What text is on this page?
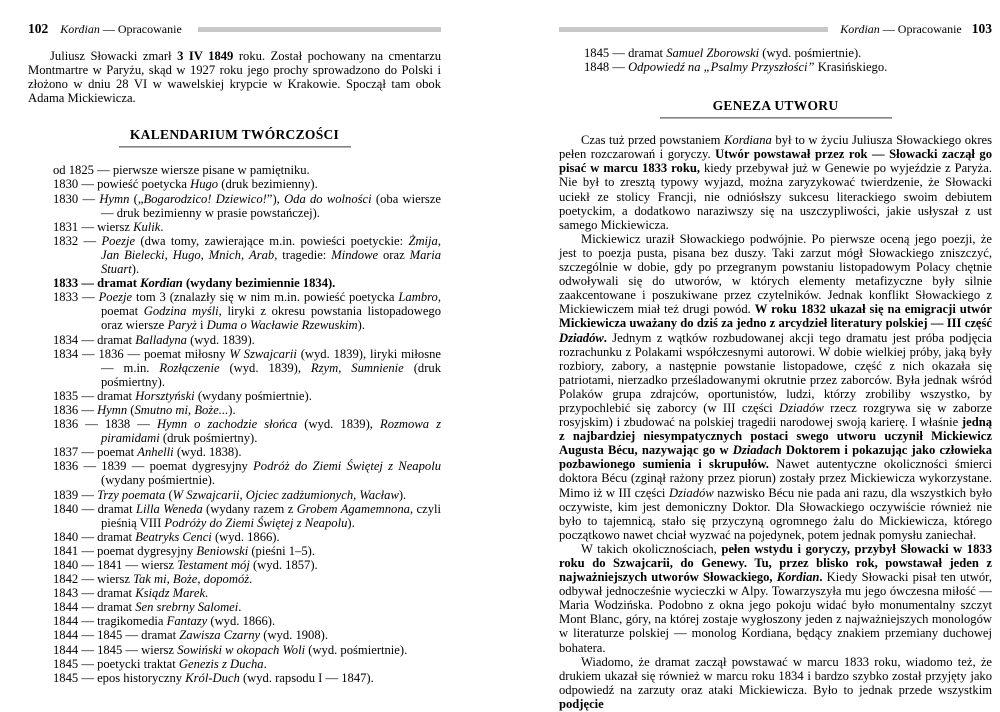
102 Kordian — Opracowanie
Juliusz Słowacki zmarł 3 IV 1849 roku. Został pochowany na cmentarzu Montmartre w Paryżu, skąd w 1927 roku jego prochy sprowadzono do Polski i złożono w dniu 28 VI w wawelskiej krypcie w Krakowie. Spoczął tam obok Adama Mickiewicza.
KALENDARIUM TWÓRCZOŚCI
od 1825 — pierwsze wiersze pisane w pamiętniku.
1830 — powieść poetycka Hugo (druk bezimienny).
1830 — Hymn („Bogarodzico! Dziewico!”), Oda do wolności (oba wiersze — druk bezimienny w prasie powstańczej).
1831 — wiersz Kulik.
1832 — Poezje (dwa tomy, zawierające m.in. powieści poetyckie: Żmija, Jan Bielecki, Hugo, Mnich, Arab, tragedie: Mindowe oraz Maria Stuart).
1833 — dramat Kordian (wydany bezimiennie 1834).
1833 — Poezje tom 3 (znalazły się w nim m.in. powieść poetycka Lambro, poemat Godzina myśli, liryki z okresu powstania listopadowego oraz wiersze Paryż i Duma o Wacławie Rzewuskim).
1834 — dramat Balladyna (wyd. 1839).
1834 — 1836 — poemat miłosny W Szwajcarii (wyd. 1839), liryki miłosne — m.in. Rozłączenie (wyd. 1839), Rzym, Sumnienie (druk pośmiertny).
1835 — dramat Horsztyński (wydany pośmiertnie).
1836 — Hymn (Smutno mi, Boże...).
1836 — 1838 — Hymn o zachodzie słońca (wyd. 1839), Rozmowa z piramidami (druk pośmiertny).
1837 — poemat Anhelli (wyd. 1838).
1836 — 1839 — poemat dygresyjny Podróż do Ziemi Świętej z Neapolu (wydany pośmiertnie).
1839 — Trzy poemata (W Szwajcarii, Ojciec zadżumionych, Wacław).
1840 — dramat Lilla Weneda (wydany razem z Grobem Agamemnona, czyli pieśnią VIII Podróży do Ziemi Świętej z Neapolu).
1840 — dramat Beatryks Cenci (wyd. 1866).
1841 — poemat dygresyjny Beniowski (pieśni 1–5).
1840 — 1841 — wiersz Testament mój (wyd. 1857).
1842 — wiersz Tak mi, Boże, dopomóż.
1843 — dramat Ksiądz Marek.
1844 — dramat Sen srebrny Salomei.
1844 — tragikomedia Fantazy (wyd. 1866).
1844 — 1845 — dramat Zawisza Czarny (wyd. 1908).
1844 — 1845 — wiersz Sowiński w okopach Woli (wyd. pośmiertnie).
1845 — poetycki traktat Genezis z Ducha.
1845 — epos historyczny Król-Duch (wyd. rapsodu I — 1847).
Kordian — Opracowanie 103
1845 — dramat Samuel Zborowski (wyd. pośmiertnie).
1848 — Odpowiedź na „Psalmy Przyszłości” Krasińskiego.
GENEZA UTWORU

Czas tuż przed powstaniem Kordiana był to w życiu Juliusza Słowackiego okres pełen rozczarowań i goryczy. Utwór powstawał przez rok — Słowacki zaczął go pisać w marcu 1833 roku, kiedy przebywał już w Genewie po wyjeździe z Paryża. Nie był to zresztą typowy wyjazd, można zaryzykować twierdzenie, że Słowacki uciekł ze stolicy Francji, nie odniósłszy sukcesu literackiego swoim debiutem poetyckim, a dodatkowo naraziwszy się na uszczypliwości, jakie usłyszał z ust samego Mickiewicza.

Mickiewicz uraził Słowackiego podwójnie. Po pierwsze oceną jego poezji, że jest to poezja pusta, pisana bez duszy. Taki zarzut mógł Słowackiego zniszczyć, szczególnie w dobie, gdy po przegranym powstaniu listopadowym Polacy chętnie odwoływali się do utworów, w których elementy metafizyczne były silnie zaakcentowane i poszukiwane przez czytelników. Jednak konflikt Słowackiego z Mickiewiczem miał też drugi powód. W roku 1832 ukazał się na emigracji utwór Mickiewicza uważany do dziś za jedno z arcydzieł literatury polskiej — III część Dziadów. Jednym z wątków rozbudowanej akcji tego dramatu jest próba podjęcia rozrachunku z Polakami współczesnymi autorowi. W dobie wielkiej próby, jaką były rozbiory, zabory, a następnie powstanie listopadowe, część z nich okazała się patriotami, nierzadko prześladowanymi okrutnie przez zaborców. Była jednak wśród Polaków grupa zdrajców, oportunistów, ludzi, którzy zrobiliby wszystko, by przypochlebić się zaborcy (w III części Dziadów rzecz rozgrywa się w zaborze rosyjskim) i zbudować na polskiej tragedii narodowej swoją karierę. I właśnie jedną z najbardziej niesympatycznych postaci swego utworu uczynił Mickiewicz Augusta Bécu, nazywając go w Dziadach Doktorem i pokazując jako człowieka pozbawionego sumienia i skrupułów. Nawet autentyczne okoliczności śmierci doktora Bécu (zginął rażony przez piorun) zostały przez Mickiewicza wykorzystane. Mimo iż w III części Dziadów nazwisko Bécu nie pada ani razu, dla wszystkich było oczywiste, kim jest demoniczny Doktor. Dla Słowackiego oczywiście również nie było to tajemnicą, stało się przyczyną ogromnego żalu do Mickiewicza, którego początkowo nawet chciał wyzwać na pojedynek, potem jednak pomysłu zaniechał.

W takich okolicznościach, pełen wstydu i goryczy, przybył Słowacki w 1833 roku do Szwajcarii, do Genewy. Tu, przez blisko rok, powstawał jeden z najważniejszych utworów Słowackiego, Kordian. Kiedy Słowacki pisał ten utwór, odbywał jednocześnie wycieczki w Alpy. Towarzyszyła mu jego ówczesna miłość — Maria Wodzińska. Podobno z okna jego pokoju widać było monumentalny szczyt Mont Blanc, góry, na której zostaje wygłoszony jeden z najważniejszych monologów w literaturze polskiej — monolog Kordiana, będący znakiem przemiany duchowej bohatera.

Wiadomo, że dramat zaczął powstawać w marcu 1833 roku, wiadomo też, że drukiem ukazał się również w marcu roku 1834 i bardzo szybko został przyjęty jako odpowiedź na zarzuty oraz ataki Mickiewicza. Było to jednak przede wszystkim podjęcie
